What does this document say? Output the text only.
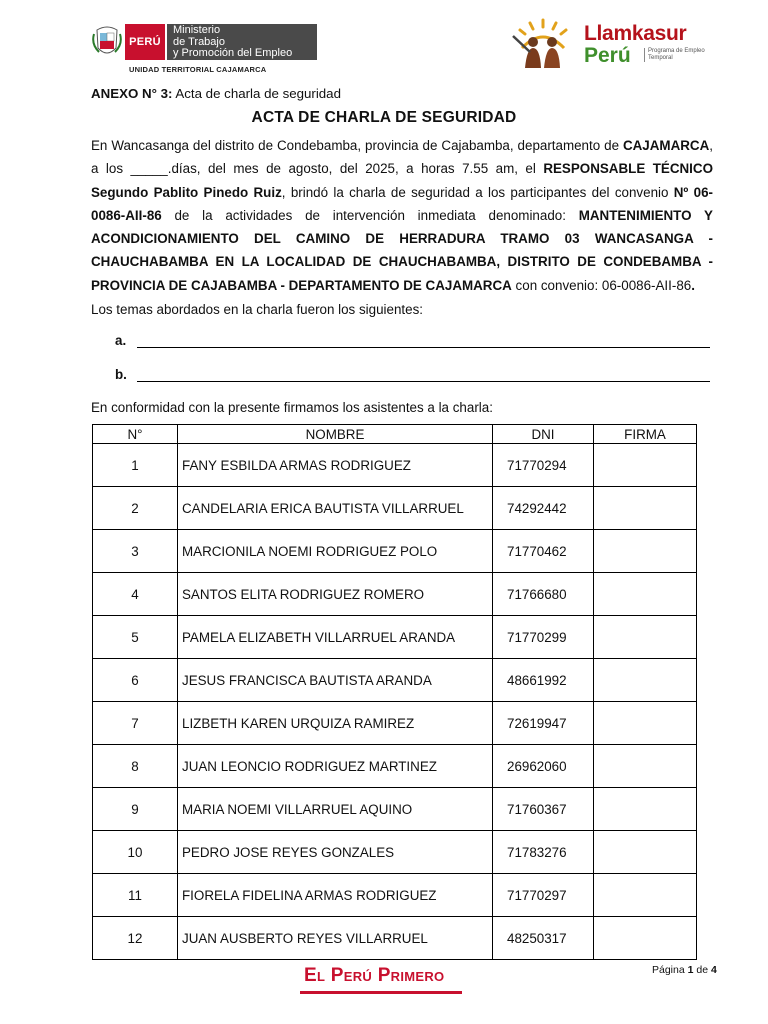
PERÚ
Ministerio
de Trabajo
y Promoción del Empleo
UNIDAD TERRITORIAL CAJAMARCA
Llamkasur
Perú	Programa de Empleo Temporal
ANEXO N° 3: Acta de charla de seguridad
ACTA DE CHARLA DE SEGURIDAD
En Wancasanga del distrito de Condebamba, provincia de Cajabamba, departamento de CAJAMARCA, a los _____.días, del mes de agosto, del 2025, a horas 7.55 am, el RESPONSABLE TÉCNICO Segundo Pablito Pinedo Ruiz, brindó la charla de seguridad a los participantes del convenio Nº 06-0086-AII-86 de la actividades de intervención inmediata denominado: MANTENIMIENTO Y ACONDICIONAMIENTO DEL CAMINO DE HERRADURA TRAMO 03 WANCASANGA - CHAUCHABAMBA EN LA LOCALIDAD DE CHAUCHABAMBA, DISTRITO DE CONDEBAMBA - PROVINCIA DE CAJABAMBA - DEPARTAMENTO DE CAJAMARCA con convenio: 06-0086-AII-86.
Los temas abordados en la charla fueron los siguientes:
a.
b.
En conformidad con la presente firmamos los asistentes a la charla:
N°	NOMBRE	DNI	FIRMA
1	FANY ESBILDA ARMAS RODRIGUEZ	71770294	
2	CANDELARIA ERICA BAUTISTA VILLARRUEL	74292442	
3	MARCIONILA NOEMI RODRIGUEZ POLO	71770462	
4	SANTOS ELITA RODRIGUEZ ROMERO	71766680	
5	PAMELA ELIZABETH VILLARRUEL ARANDA	71770299	
6	JESUS FRANCISCA BAUTISTA ARANDA	48661992	
7	LIZBETH KAREN URQUIZA RAMIREZ	72619947	
8	JUAN LEONCIO RODRIGUEZ MARTINEZ	26962060	
9	MARIA NOEMI VILLARRUEL AQUINO	71760367	
10	PEDRO JOSE REYES GONZALES	71783276	
11	FIORELA FIDELINA ARMAS RODRIGUEZ	71770297	
12	JUAN AUSBERTO REYES VILLARRUEL	48250317	
El Perú Primero	Página 1 de 4
